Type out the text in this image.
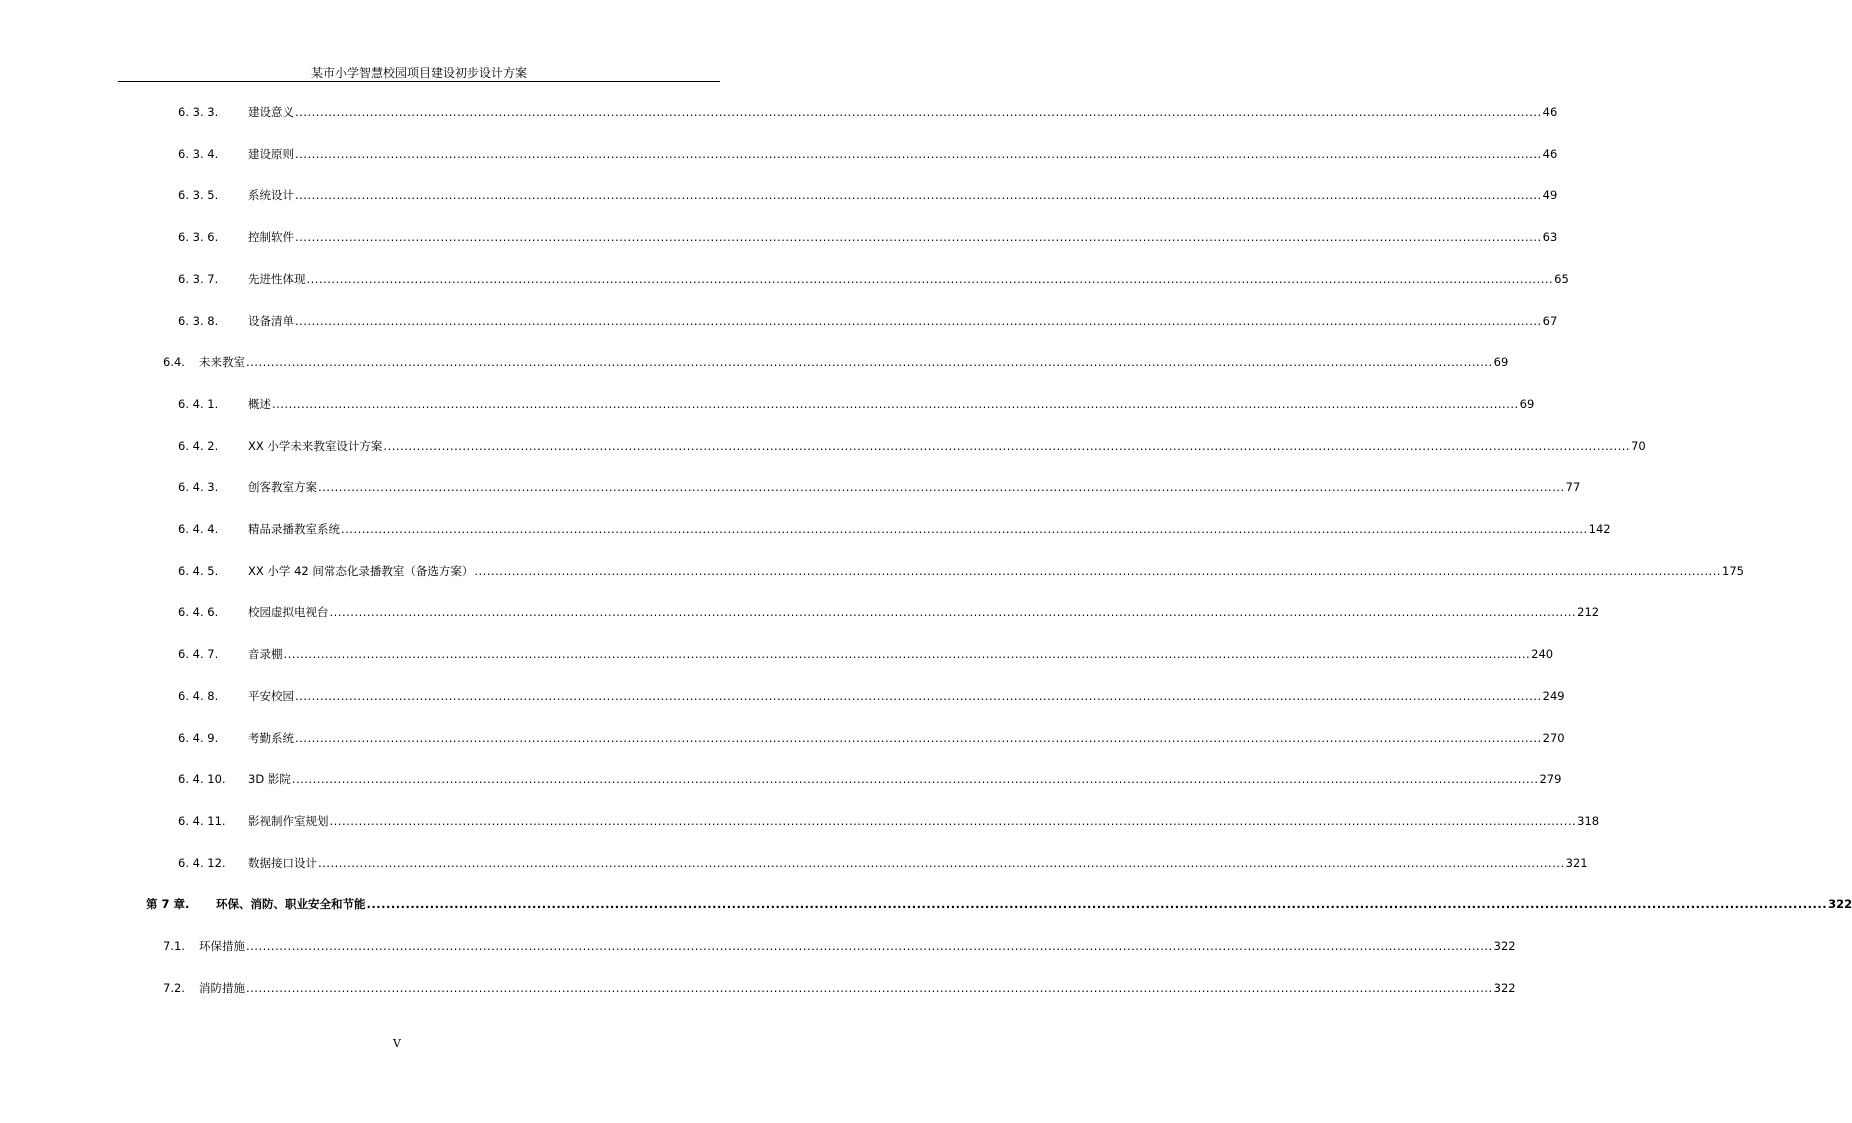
某市小学智慧校园项目建设初步设计方案
6. 3. 3.	建设意义 ............................................................................................................................................................................................................................................................................................................ 46
6. 3. 4.	建设原则 ............................................................................................................................................................................................................................................................................................................ 46
6. 3. 5.	系统设计 ............................................................................................................................................................................................................................................................................................................ 49
6. 3. 6.	控制软件 ............................................................................................................................................................................................................................................................................................................ 63
6. 3. 7.	先进性体现 ............................................................................................................................................................................................................................................................................................................ 65
6. 3. 8.	设备清单 ............................................................................................................................................................................................................................................................................................................ 67
6.4.	未来教室 ............................................................................................................................................................................................................................................................................................................ 69
6. 4. 1.	概述 ............................................................................................................................................................................................................................................................................................................ 69
6. 4. 2.	XX 小学未来教室设计方案 ............................................................................................................................................................................................................................................................................................................ 70
6. 4. 3.	创客教室方案 ............................................................................................................................................................................................................................................................................................................ 77
6. 4. 4.	精品录播教室系统 ............................................................................................................................................................................................................................................................................................................ 142
6. 4. 5.	XX 小学 42 间常态化录播教室（备选方案） ............................................................................................................................................................................................................................................................................................................ 175
6. 4. 6.	校园虚拟电视台 ............................................................................................................................................................................................................................................................................................................ 212
6. 4. 7.	音录棚 ............................................................................................................................................................................................................................................................................................................ 240
6. 4. 8.	平安校园 ............................................................................................................................................................................................................................................................................................................ 249
6. 4. 9.	考勤系统 ............................................................................................................................................................................................................................................................................................................ 270
6. 4. 10.	3D 影院 ............................................................................................................................................................................................................................................................................................................ 279
6. 4. 11.	影视制作室规划 ............................................................................................................................................................................................................................................................................................................ 318
6. 4. 12.	数据接口设计 ............................................................................................................................................................................................................................................................................................................ 321
第 7 章.	环保、消防、职业安全和节能 ............................................................................................................................................................................................................................................................................................................ 322
7.1.	环保措施 ............................................................................................................................................................................................................................................................................................................ 322
7.2.	消防措施 ............................................................................................................................................................................................................................................................................................................ 322
V
